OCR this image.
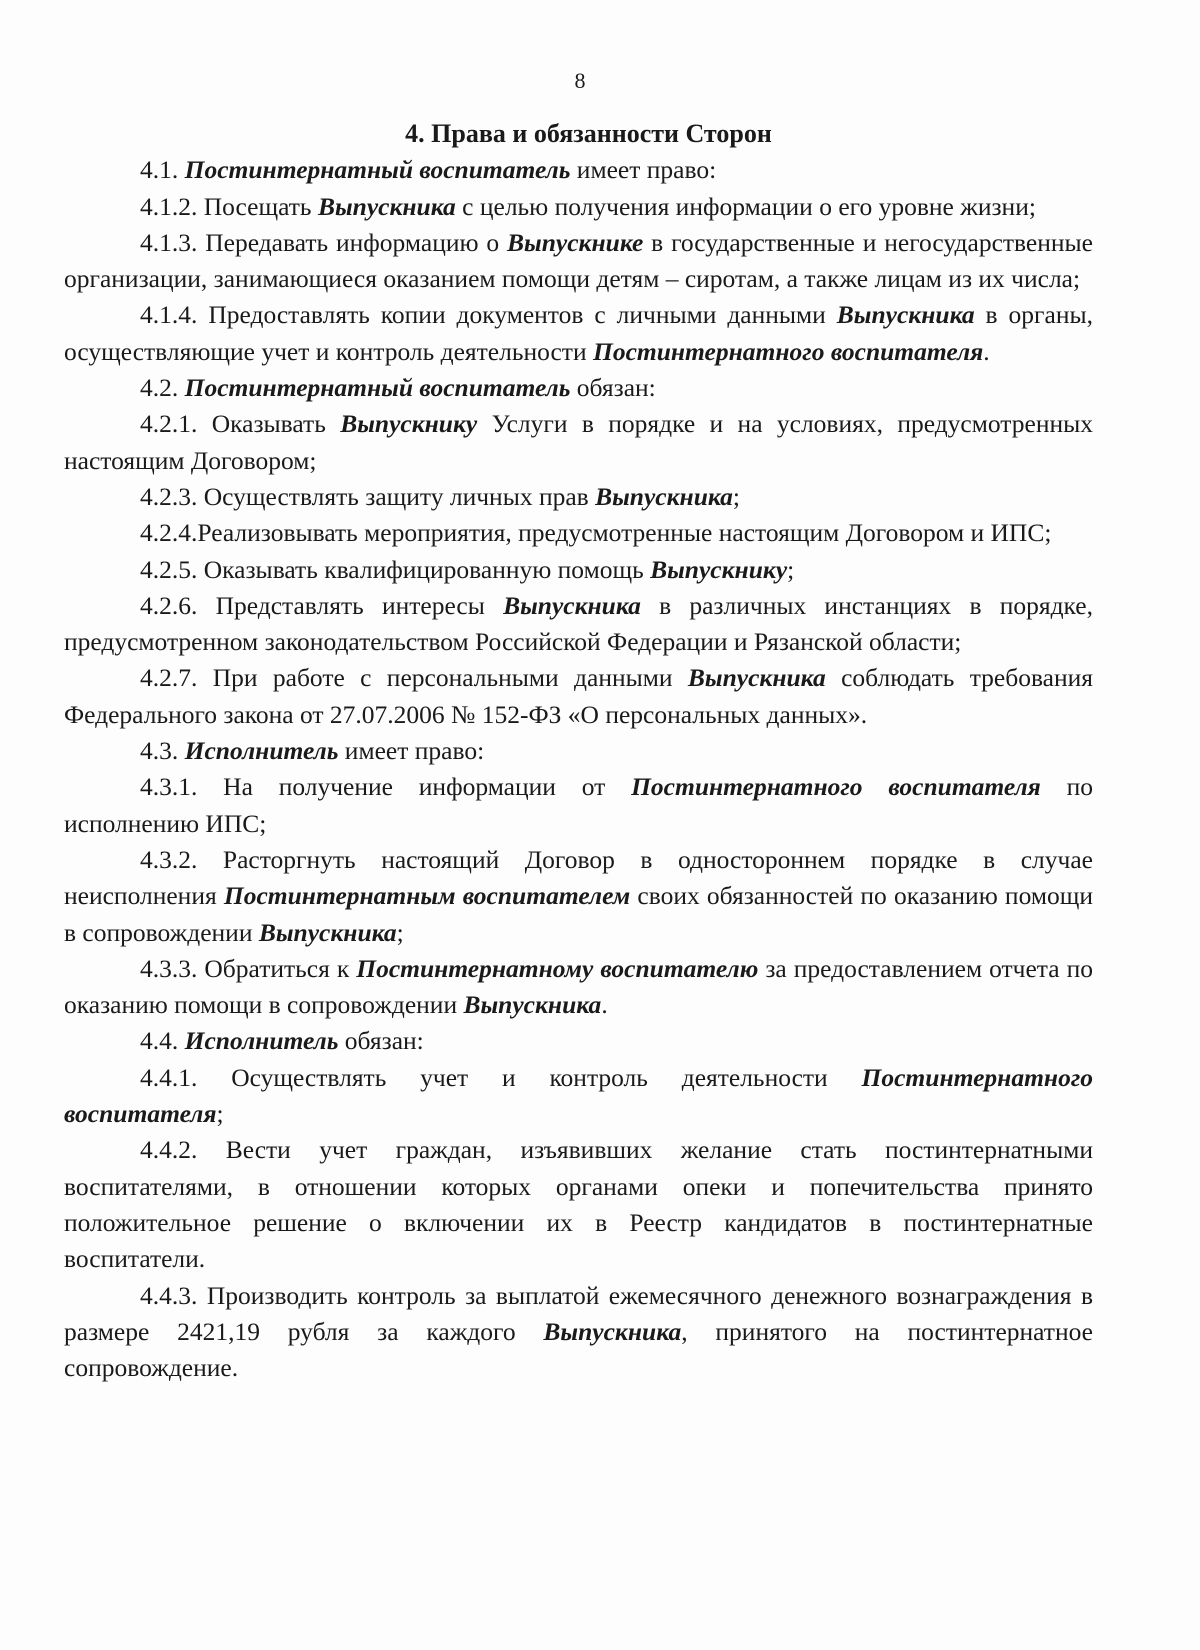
8
4. Права и обязанности Сторон

4.1. Постинтернатный воспитатель имеет право:

4.1.2. Посещать Выпускника с целью получения информации о его уровне жизни;

4.1.3. Передавать информацию о Выпускнике в государственные и негосударственные организации, занимающиеся оказанием помощи детям – сиротам, а также лицам из их числа;

4.1.4. Предоставлять копии документов с личными данными Выпускника в органы, осуществляющие учет и контроль деятельности Постинтернатного воспитателя.

4.2. Постинтернатный воспитатель обязан:

4.2.1. Оказывать Выпускнику Услуги в порядке и на условиях, предусмотренных настоящим Договором;

4.2.3. Осуществлять защиту личных прав Выпускника;

4.2.4.Реализовывать мероприятия, предусмотренные настоящим Договором и ИПС;

4.2.5. Оказывать квалифицированную помощь Выпускнику;

4.2.6. Представлять интересы Выпускника в различных инстанциях в порядке, предусмотренном законодательством Российской Федерации и Рязанской области;

4.2.7. При работе с персональными данными Выпускника соблюдать требования Федерального закона от 27.07.2006 № 152-ФЗ «О персональных данных».

4.3. Исполнитель имеет право:

4.3.1. На получение информации от Постинтернатного воспитателя по исполнению ИПС;

4.3.2. Расторгнуть настоящий Договор в одностороннем порядке в случае неисполнения Постинтернатным воспитателем своих обязанностей по оказанию помощи в сопровождении Выпускника;

4.3.3. Обратиться к Постинтернатному воспитателю за предоставлением отчета по оказанию помощи в сопровождении Выпускника.

4.4. Исполнитель обязан:

4.4.1. Осуществлять учет и контроль деятельности Постинтернатного воспитателя;

4.4.2. Вести учет граждан, изъявивших желание стать постинтернатными воспитателями, в отношении которых органами опеки и попечительства принято положительное решение о включении их в Реестр кандидатов в постинтернатные воспитатели.

4.4.3. Производить контроль за выплатой ежемесячного денежного вознаграждения в размере 2421,19 рубля за каждого Выпускника, принятого на постинтернатное сопровождение.
